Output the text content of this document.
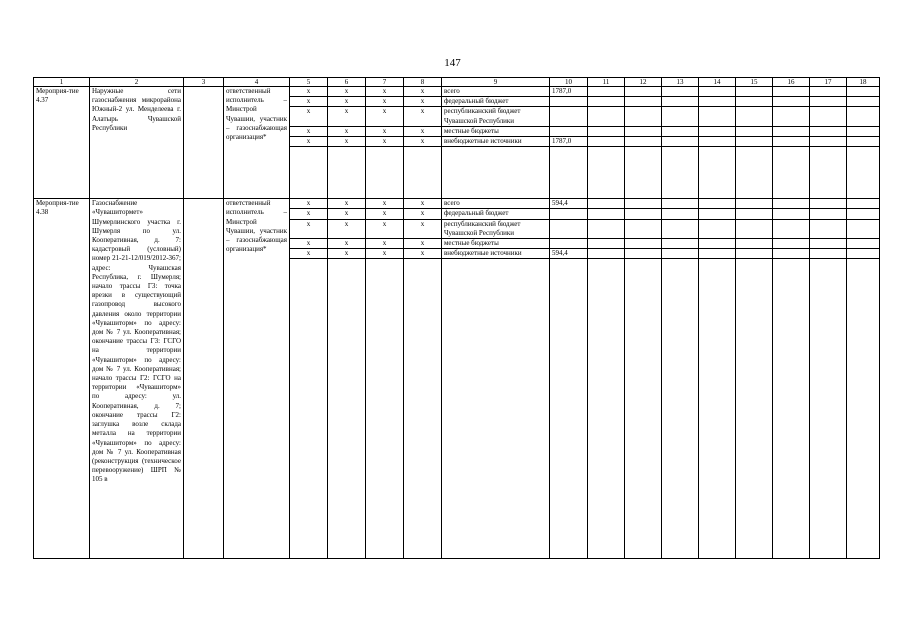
147
1	2	3	4	5	6	7	8	9	10	11	12	13	14	15	16	17	18
Мероприя-тие 4.37	Наружные сети газоснабжения микрорайона Южный-2 ул. Менделеева г. Алатырь Чувашской Республики		ответственный исполнитель – Минстрой Чувашии, участник – газоснабжающая организация*	х	х	х	х	всего	1787,0								
				х	х	х	х	федеральный бюджет									
				х	х	х	х	республиканский бюджет Чувашской Республики									
				х	х	х	х	местные бюджеты									
				х	х	х	х	внебюджетные источники	1787,0								

Мероприя-тие 4.38	Газоснабжение «Чувашитормет» Шумерлинского участка г. Шумерля по ул. Кооперативная, д. 7: кадастровый (условный) номер 21-21-12/019/2012-367; адрес: Чувашская Республика, г. Шумерля; начало трассы Г3: точка врезки в существующий газопровод высокого давления около территории «Чувашиторм» по адресу: дом № 7 ул. Кооперативная; окончание трассы Г3: ГСГО на территории «Чувашиторм» по адресу: дом № 7 ул. Кооперативная; начало трассы Г2: ГСГО на территории «Чувашиторм» по адресу: ул. Кооперативная, д. 7; окончание трассы Г2: заглушка возле склада металла на территории «Чувашиторм» по адресу: дом № 7 ул. Кооперативная (реконструкция (техническое перевооружение) ШРП № 105 в		ответственный исполнитель – Минстрой Чувашии, участник – газоснабжающая организация*	х	х	х	х	всего	594,4								
				х	х	х	х	федеральный бюджет									
				х	х	х	х	республиканский бюджет Чувашской Республики									
				х	х	х	х	местные бюджеты									
				х	х	х	х	внебюджетные источники	594,4								
